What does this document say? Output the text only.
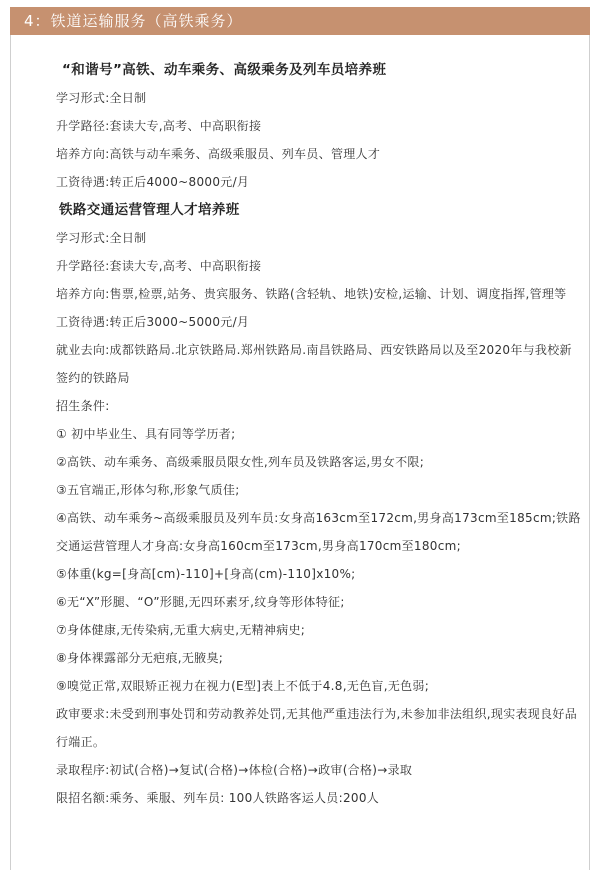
4：铁道运输服务（高铁乘务）

“和谐号”高铁、动车乘务、高级乘务及列车员培养班

学习形式:全日制

升学路径:套读大专,高考、中高职衔接

培养方向:高铁与动车乘务、高级乘服员、列车员、管理人才

工资待遇:转正后4000~8000元/月

铁路交通运营管理人才培养班

学习形式:全日制

升学路径:套读大专,高考、中高职衔接

培养方向:售票,检票,站务、贵宾服务、铁路(含轻轨、地铁)安检,运输、计划、调度指挥,管理等

工资待遇:转正后3000~5000元/月

就业去向:成都铁路局.北京铁路局.郑州铁路局.南昌铁路局、西安铁路局以及至2020年与我校新签约的铁路局

招生条件:

① 初中毕业生、具有同等学历者;

②高铁、动车乘务、高级乘服员限女性,列车员及铁路客运,男女不限;

③五官端正,形体匀称,形象气质佳;

④高铁、动车乘务~高级乘服员及列车员:女身高163cm至172cm,男身高173cm至185cm;铁路交通运营管理人才身高:女身高160cm至173cm,男身高170cm至180cm;

⑤体重(kg=[身高[cm)-110]+[身高(cm)-110]x10%;

⑥无“X”形腿、“O”形腿,无四环素牙,纹身等形体特征;

⑦身体健康,无传染病,无重大病史,无精神病史;

⑧身体裸露部分无疤痕,无腋臭;

⑨嗅觉正常,双眼矫正视力在视力(E型]表上不低于4.8,无色盲,无色弱;

政审要求:未受到刑事处罚和劳动教养处罚,无其他严重违法行为,未参加非法组织,现实表现良好品行端正。

录取程序:初试(合格)→复试(合格)→体检(合格)→政审(合格)→录取

限招名额:乘务、乘服、列车员: 100人铁路客运人员:200人
